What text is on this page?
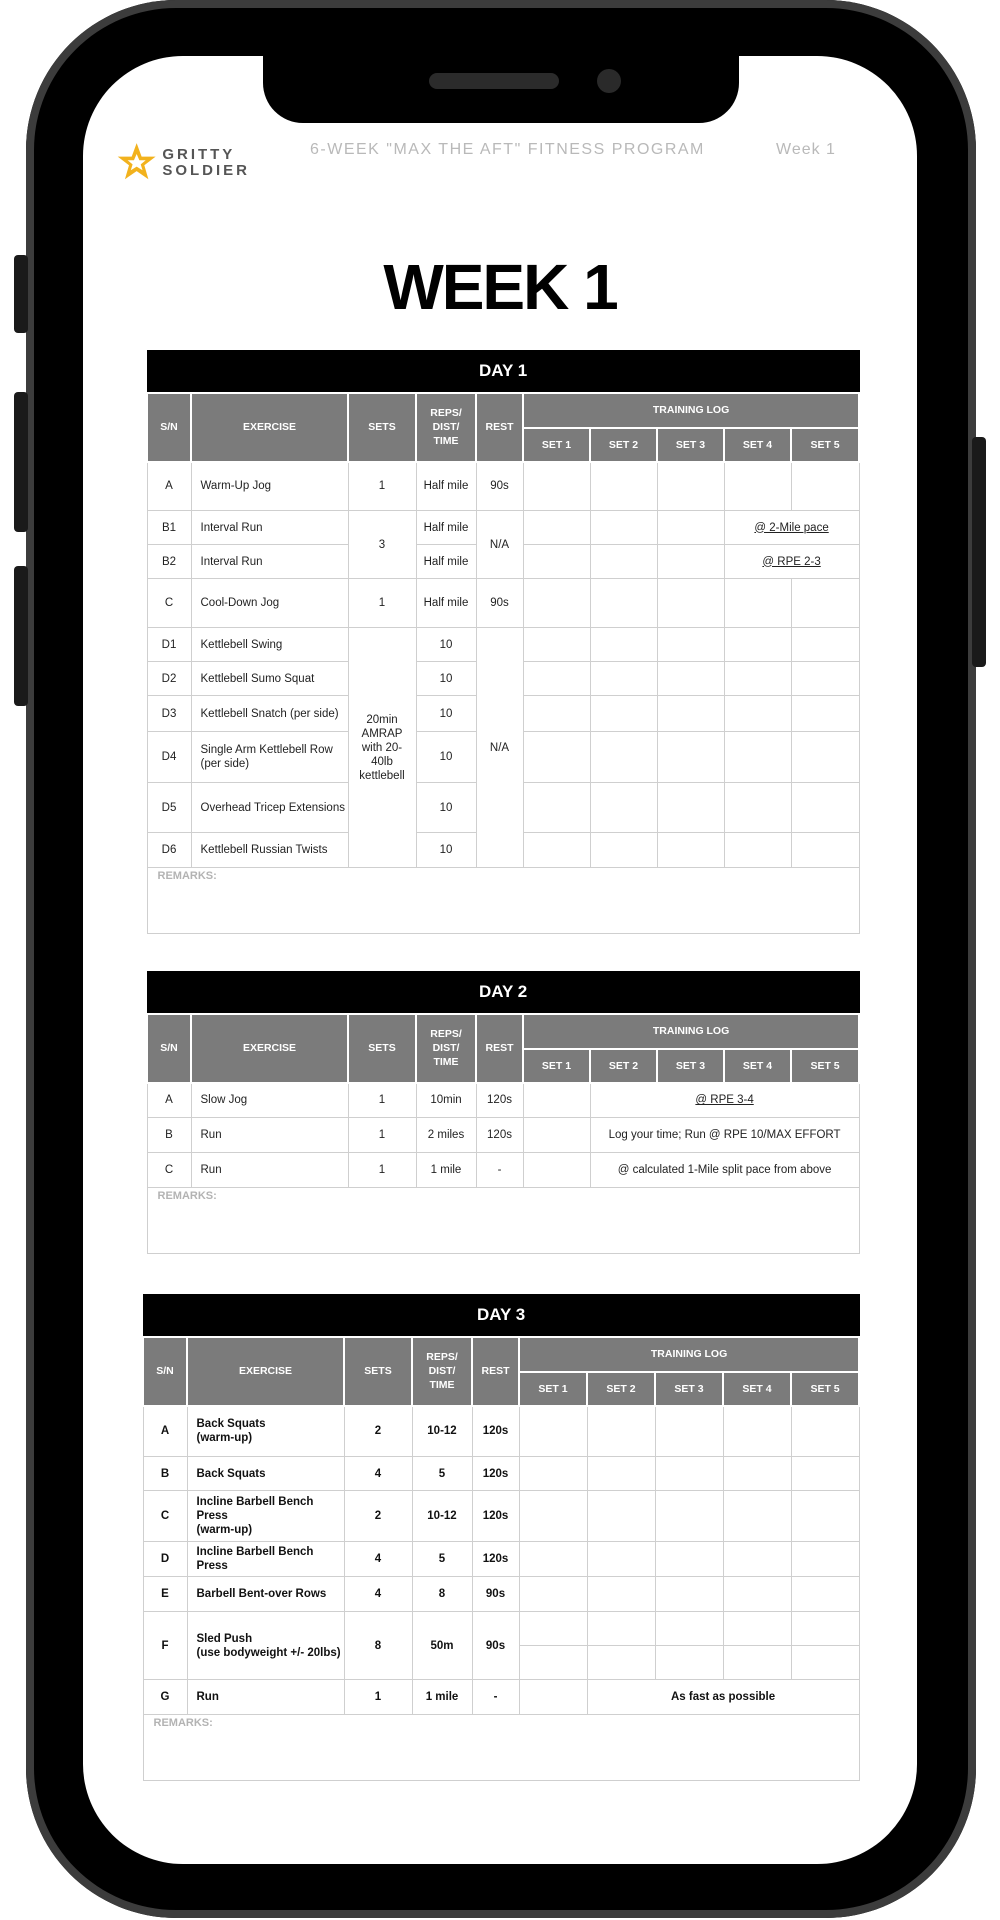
GRITTY
SOLDIER
6-WEEK "MAX THE AFT" FITNESS PROGRAM	Week 1
WEEK 1
DAY 1									
S/N	EXERCISE	SETS	REPS/
DIST/
TIME	REST	TRAINING LOG				
					SET 1	SET 2	SET 3	SET 4	SET 5
A	Warm-Up Jog	1	Half mile	90s					
B1	Interval Run	3	Half mile	N/A				@ 2-Mile pace	
B2	Interval Run		Half mile					@ RPE 2-3	
C	Cool-Down Jog	1	Half mile	90s					
D1	Kettlebell Swing	20min AMRAP with 20- 40lb kettlebell	10	N/A					
D2	Kettlebell Sumo Squat		10						
D3	Kettlebell Snatch (per side)		10						
D4	Single Arm Kettlebell Row (per side)		10						
D5	Overhead Tricep Extensions		10						
D6	Kettlebell Russian Twists		10						
REMARKS:									
DAY 2									
S/N	EXERCISE	SETS	REPS/
DIST/
TIME	REST	TRAINING LOG				
					SET 1	SET 2	SET 3	SET 4	SET 5
A	Slow Jog	1	10min	120s		@ RPE 3-4			
B	Run	1	2 miles	120s		Log your time; Run @ RPE 10/MAX EFFORT			
C	Run	1	1 mile	-		@ calculated 1-Mile split pace from above			
REMARKS:									
DAY 3									
S/N	EXERCISE	SETS	REPS/
DIST/
TIME	REST	TRAINING LOG				
					SET 1	SET 2	SET 3	SET 4	SET 5
A	Back Squats
(warm-up)	2	10-12	120s					
B	Back Squats	4	5	120s					
C	Incline Barbell Bench Press
(warm-up)	2	10-12	120s					
D	Incline Barbell Bench Press	4	5	120s					
E	Barbell Bent-over Rows	4	8	90s					
F	Sled Push
(use bodyweight +/- 20lbs)	8	50m	90s					

G	Run	1	1 mile	-		As fast as possible			
REMARKS:									
